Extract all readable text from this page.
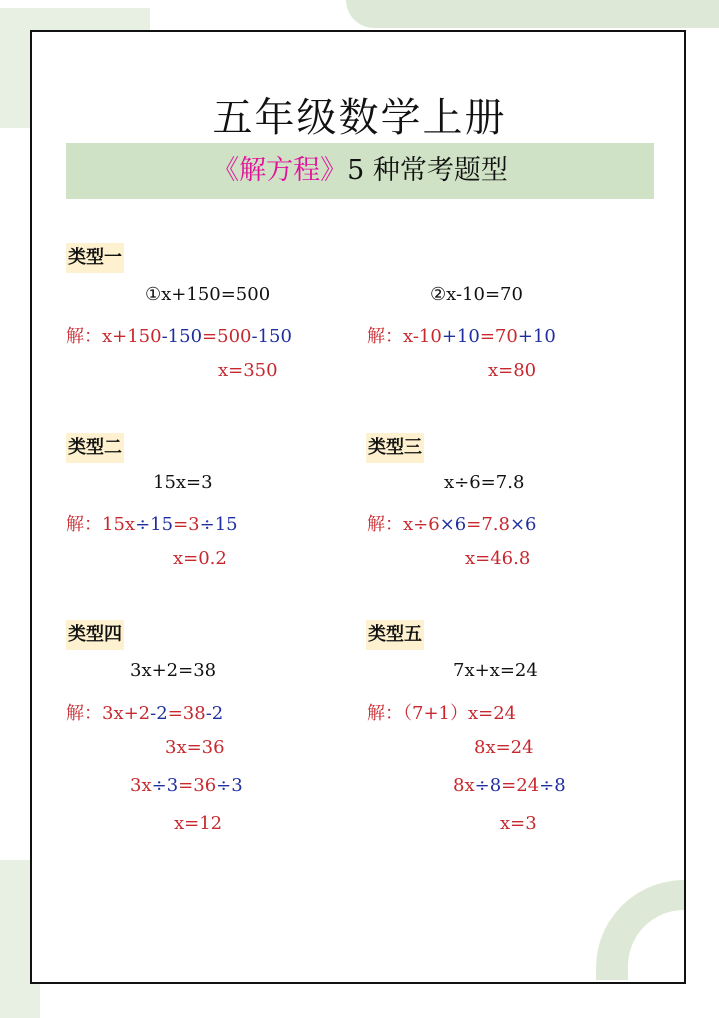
五年级数学上册
《解方程》5 种常考题型
类型一
①x+150=500
解：x+150-150=500-150
x=350
②x-10=70
解：x-10+10=70+10
x=80
类型二
15x=3
解：15x÷15=3÷15
x=0.2
类型三
x÷6=7.8
解：x÷6×6=7.8×6
x=46.8
类型四
3x+2=38
解：3x+2-2=38-2
3x=36
3x÷3=36÷3
x=12
类型五
7x+x=24
解：（7+1）x=24
8x=24
8x÷8=24÷8
x=3
